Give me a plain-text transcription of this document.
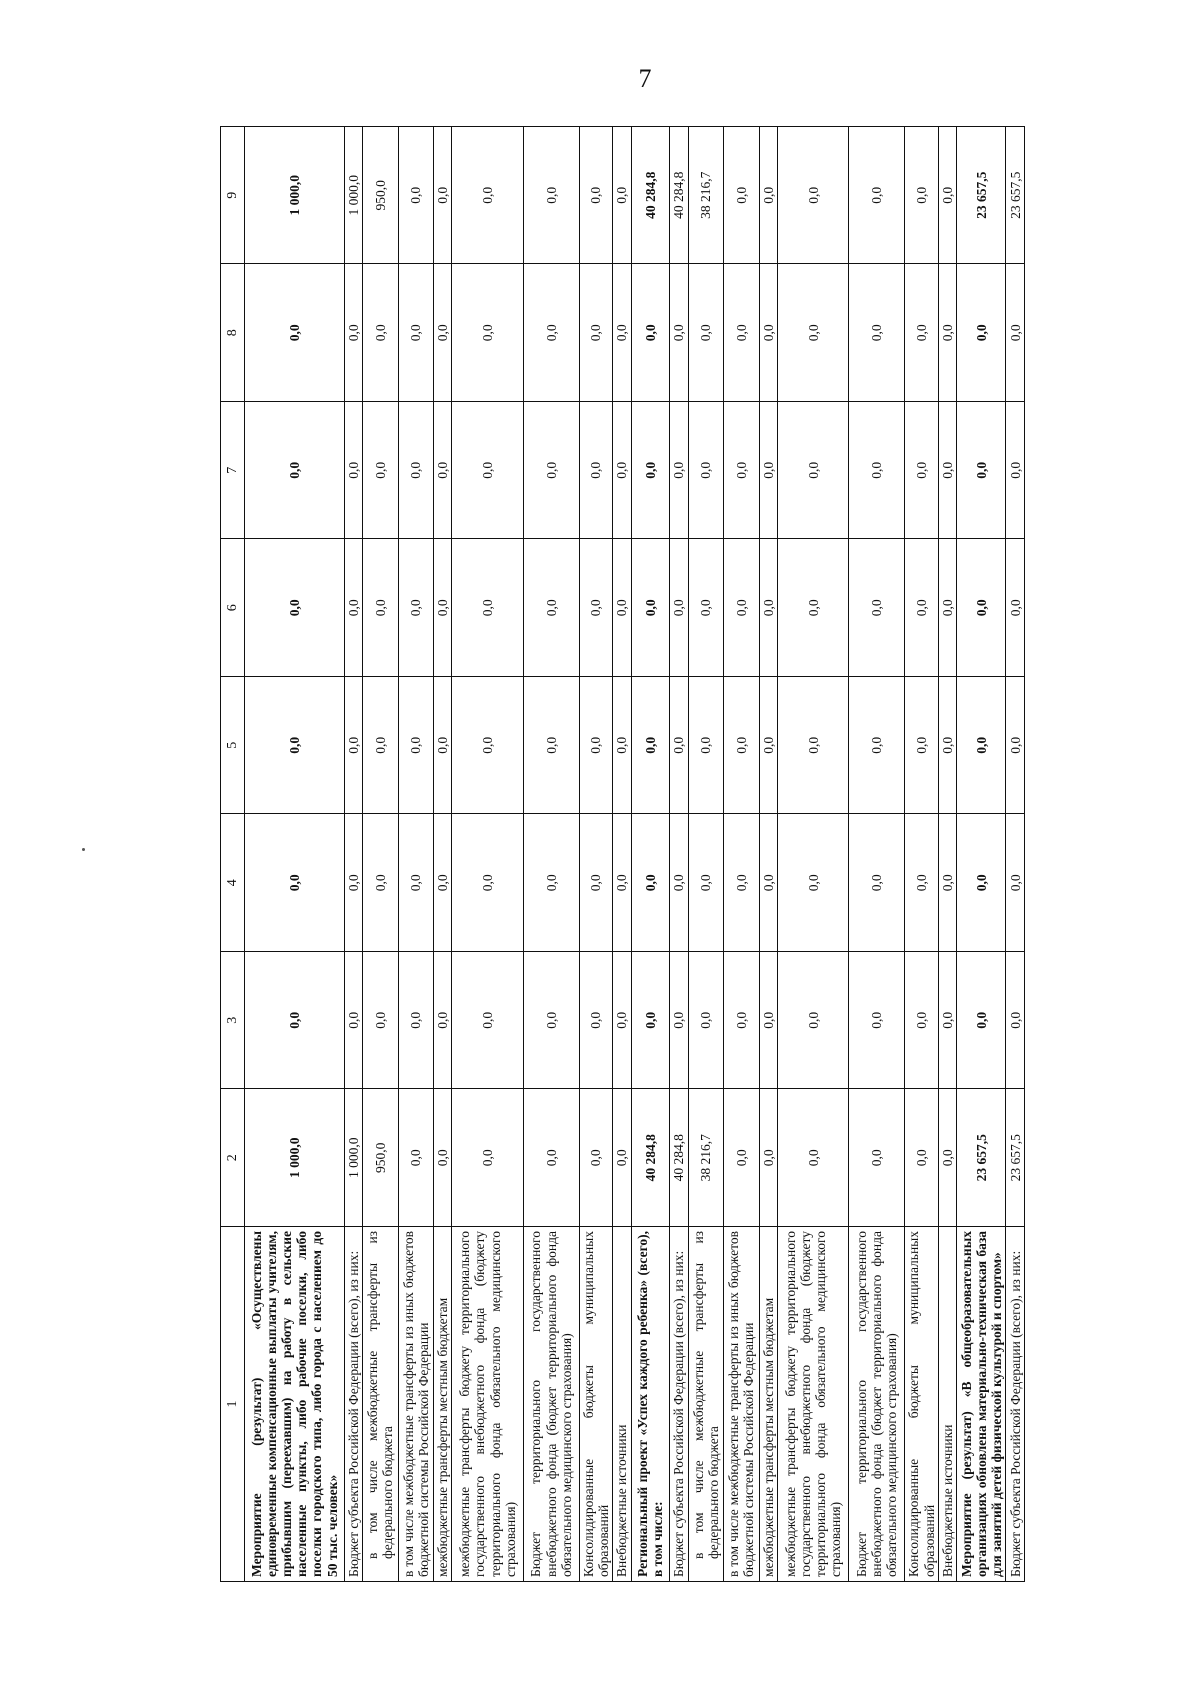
7
1	2	3	4	5	6	7	8	9
Мероприятие (результат) «Осуществлены единовременные компенсационные выплаты учителям, прибывшим (переехавшим) на работу в сельские населенные пункты, либо рабочие поселки, либо поселки городского типа, либо города с населением до 50 тыс. человек»	1 000,0	0,0	0,0	0,0	0,0	0,0	0,0	1 000,0
Бюджет субъекта Российской Федерации (всего), из них:	1 000,0	0,0	0,0	0,0	0,0	0,0	0,0	1 000,0
в том числе межбюджетные трансферты из федерального бюджета	950,0	0,0	0,0	0,0	0,0	0,0	0,0	950,0
в том числе межбюджетные трансферты из иных бюджетов бюджетной системы Российской Федерации	0,0	0,0	0,0	0,0	0,0	0,0	0,0	0,0
межбюджетные трансферты местным бюджетам	0,0	0,0	0,0	0,0	0,0	0,0	0,0	0,0
межбюджетные трансферты бюджету территориального государственного внебюджетного фонда (бюджету территориального фонда обязательного медицинского страхования)	0,0	0,0	0,0	0,0	0,0	0,0	0,0	0,0
Бюджет территориального государственного внебюджетного фонда (бюджет территориального фонда обязательного медицинского страхования)	0,0	0,0	0,0	0,0	0,0	0,0	0,0	0,0
Консолидированные бюджеты муниципальных образований	0,0	0,0	0,0	0,0	0,0	0,0	0,0	0,0
Внебюджетные источники	0,0	0,0	0,0	0,0	0,0	0,0	0,0	0,0
Региональный проект «Успех каждого ребенка» (всего), в том числе:	40 284,8	0,0	0,0	0,0	0,0	0,0	0,0	40 284,8
Бюджет субъекта Российской Федерации (всего), из них:	40 284,8	0,0	0,0	0,0	0,0	0,0	0,0	40 284,8
в том числе межбюджетные трансферты из федерального бюджета	38 216,7	0,0	0,0	0,0	0,0	0,0	0,0	38 216,7
в том числе межбюджетные трансферты из иных бюджетов бюджетной системы Российской Федерации	0,0	0,0	0,0	0,0	0,0	0,0	0,0	0,0
межбюджетные трансферты местным бюджетам	0,0	0,0	0,0	0,0	0,0	0,0	0,0	0,0
межбюджетные трансферты бюджету территориального государственного внебюджетного фонда (бюджету территориального фонда обязательного медицинского страхования)	0,0	0,0	0,0	0,0	0,0	0,0	0,0	0,0
Бюджет территориального государственного внебюджетного фонда (бюджет территориального фонда обязательного медицинского страхования)	0,0	0,0	0,0	0,0	0,0	0,0	0,0	0,0
Консолидированные бюджеты муниципальных образований	0,0	0,0	0,0	0,0	0,0	0,0	0,0	0,0
Внебюджетные источники	0,0	0,0	0,0	0,0	0,0	0,0	0,0	0,0
Мероприятие (результат) «В общеобразовательных организациях обновлена материально-техническая база для занятий детей физической культурой и спортом»	23 657,5	0,0	0,0	0,0	0,0	0,0	0,0	23 657,5
Бюджет субъекта Российской Федерации (всего), из них:	23 657,5	0,0	0,0	0,0	0,0	0,0	0,0	23 657,5
